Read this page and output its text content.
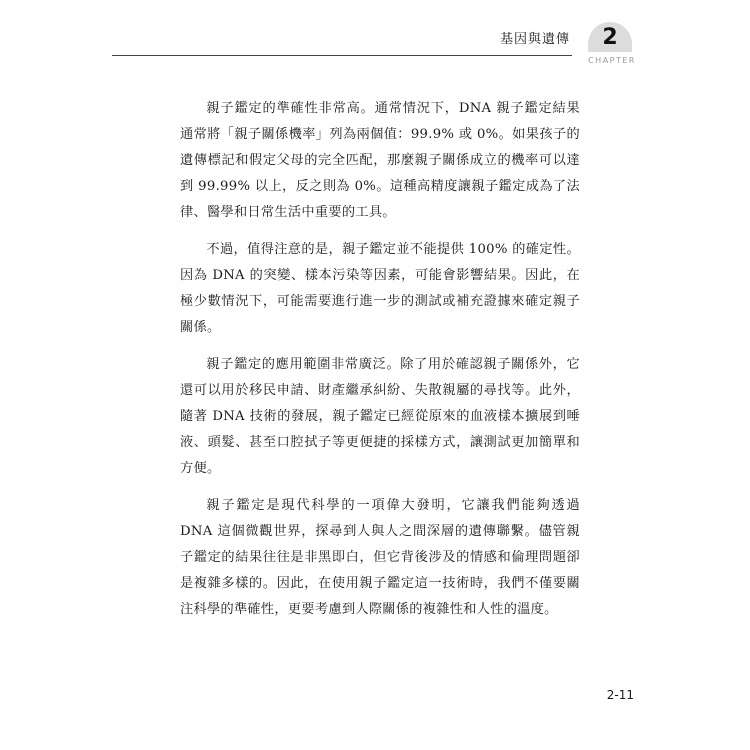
基因與遺傳	2
CHAPTER

親子鑑定的準確性非常高。通常情況下，DNA 親子鑑定結果通常將「親子關係機率」列為兩個值：99.9% 或 0%。如果孩子的遺傳標記和假定父母的完全匹配，那麼親子關係成立的機率可以達到 99.99% 以上，反之則為 0%。這種高精度讓親子鑑定成為了法律、醫學和日常生活中重要的工具。

不過，值得注意的是，親子鑑定並不能提供 100% 的確定性。因為 DNA 的突變、樣本污染等因素，可能會影響結果。因此，在極少數情況下，可能需要進行進一步的測試或補充證據來確定親子關係。

親子鑑定的應用範圍非常廣泛。除了用於確認親子關係外，它還可以用於移民申請、財產繼承糾紛、失散親屬的尋找等。此外，隨著 DNA 技術的發展，親子鑑定已經從原來的血液樣本擴展到唾液、頭髮、甚至口腔拭子等更便捷的採樣方式，讓測試更加簡單和方便。

親子鑑定是現代科學的一項偉大發明，它讓我們能夠透過 DNA 這個微觀世界，探尋到人與人之間深層的遺傳聯繫。儘管親子鑑定的結果往往是非黑即白，但它背後涉及的情感和倫理問題卻是複雜多樣的。因此，在使用親子鑑定這一技術時，我們不僅要關注科學的準確性，更要考慮到人際關係的複雜性和人性的溫度。

2-11
